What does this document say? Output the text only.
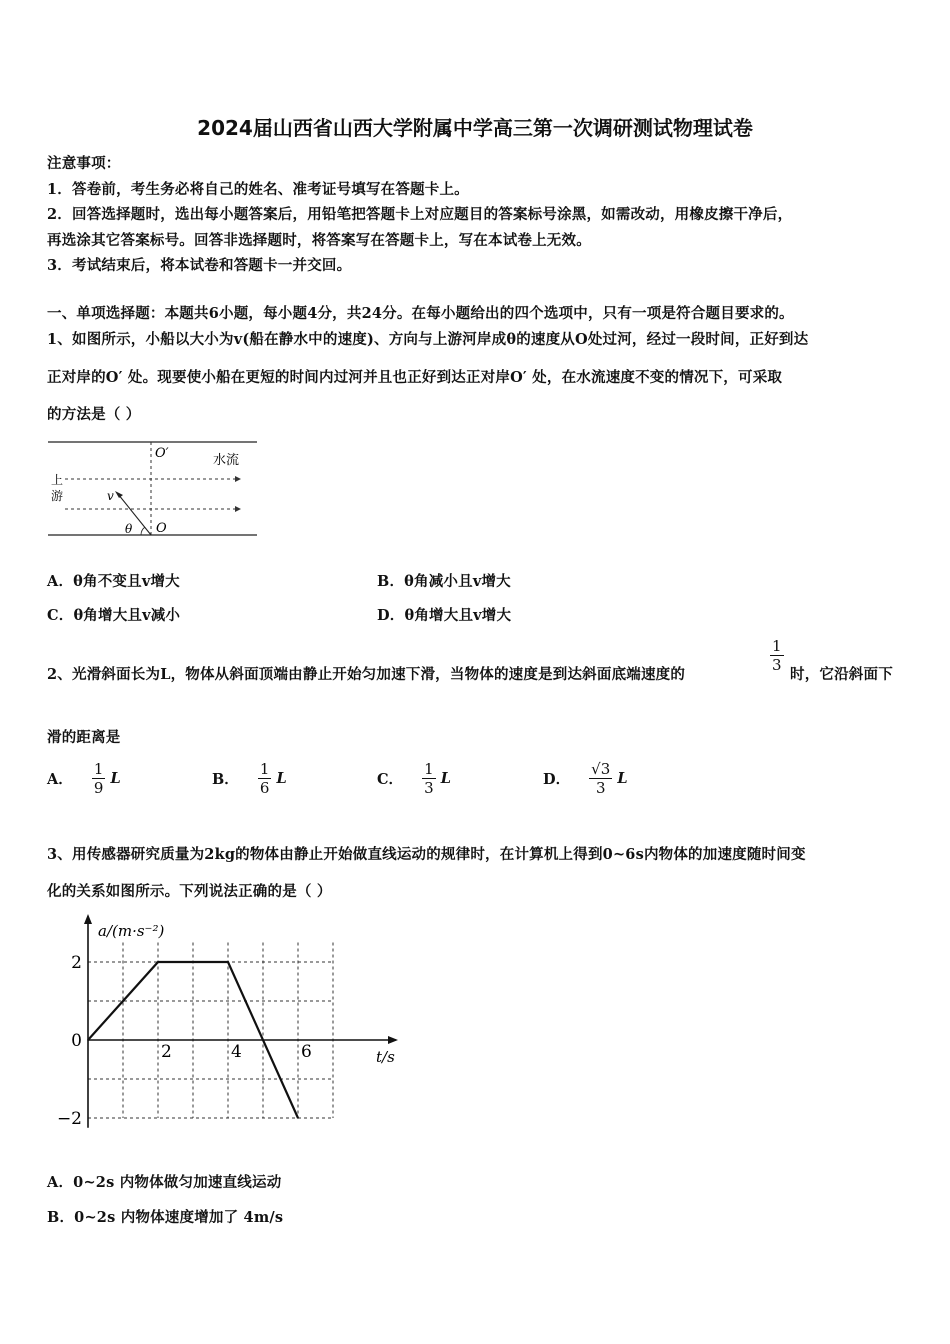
2024届山西省山西大学附属中学高三第一次调研测试物理试卷
注意事项：
1．答卷前，考生务必将自己的姓名、准考证号填写在答题卡上。
2．回答选择题时，选出每小题答案后，用铅笔把答题卡上对应题目的答案标号涂黑，如需改动，用橡皮擦干净后，
再选涂其它答案标号。回答非选择题时，将答案写在答题卡上，写在本试卷上无效。
3．考试结束后，将本试卷和答题卡一并交回。
一、单项选择题：本题共6小题，每小题4分，共24分。在每小题给出的四个选项中，只有一项是符合题目要求的。
1、如图所示，小船以大小为v(船在静水中的速度)、方向与上游河岸成θ的速度从O处过河，经过一段时间，正好到达
正对岸的O′ 处。现要使小船在更短的时间内过河并且也正好到达正对岸O′ 处，在水流速度不变的情况下，可采取
的方法是（ ）
O′	水流
上
游	v
θ O
A．θ角不变且v增大	B．θ角减小且v增大
C．θ角增大且v减小	D．θ角增大且v增大
2、光滑斜面长为L，物体从斜面顶端由静止开始匀加速下滑，当物体的速度是到达斜面底端速度的
$\frac{1}{3}$
时，它沿斜面下
滑的距离是
A． $\frac{1}{9}$ L	B． $\frac{1}{6}$ L	C． $\frac{1}{3}$ L	D． $\frac{√3}{3}$ L
3、用传感器研究质量为2kg的物体由静止开始做直线运动的规律时，在计算机上得到0~6s内物体的加速度随时间变
化的关系如图所示。下列说法正确的是（ ）
2	4	6
2
0
−2
a/(m·s⁻²)
t/s
A．0~2s 内物体做匀加速直线运动
B．0~2s 内物体速度增加了 4m/s
